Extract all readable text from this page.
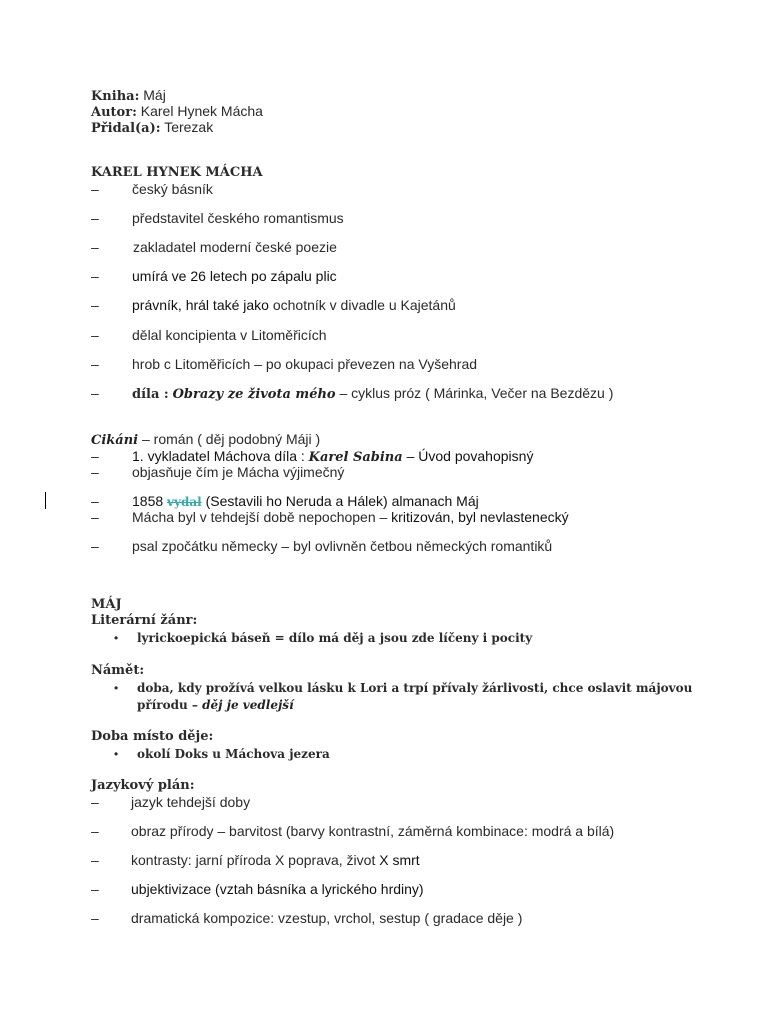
Kniha: Máj
Autor: Karel Hynek Mácha
Přidal(a): Terezak
KAREL HYNEK MÁCHA
– český básník
– představitel českého romantismus
– zakladatel moderní české poezie
– umírá ve 26 letech po zápalu plic
– právník, hrál také jako ochotník v divadle u Kajetánů
– dělal koncipienta v Litoměřicích
– hrob c Litoměřicích – po okupaci převezen na Vyšehrad
–	díla : Obrazy ze života mého – cyklus próz ( Márinka, Večer na Bezdězu )
Cikáni – román ( děj podobný Máji )
– 1. vykladatel Máchova díla : Karel Sabina – Úvod povahopisný
– objasňuje čím je Mácha výjimečný
– 1858 vydal (Sestavili ho Neruda a Hálek) almanach Máj
– Mácha byl v tehdejší době nepochopen – kritizován, byl nevlastenecký
– psal zpočátku německy – byl ovlivněn četbou německých romantiků
MÁJ
Literární žánr:
• lyrickoepická báseň = dílo má děj a jsou zde líčeny i pocity
Námět:
• doba, kdy prožívá velkou lásku k Lori a trpí přívaly žárlivosti, chce oslavit májovou
přírodu – děj je vedlejší
Doba místo děje:
• okolí Doks u Máchova jezera
Jazykový plán:
– jazyk tehdejší doby
– obraz přírody – barvitost (barvy kontrastní, záměrná kombinace: modrá a bílá)
– kontrasty: jarní příroda X poprava, život X smrt
– ubjektivizace (vztah básníka a lyrického hrdiny)
– dramatická kompozice: vzestup, vrchol, sestup ( gradace děje )
